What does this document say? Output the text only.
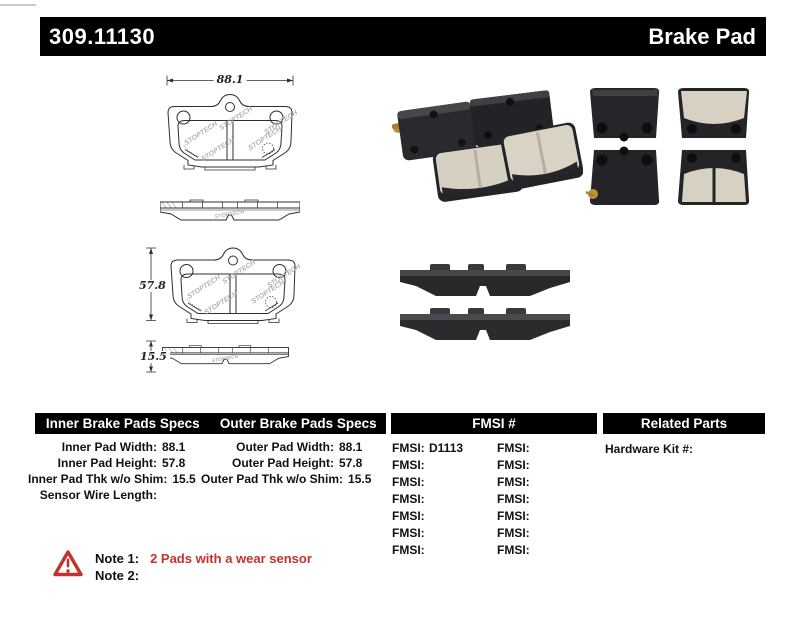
309.11130	Brake Pad
88.1
57.8
15.5
Inner Brake Pads Specs	Outer Brake Pads Specs	FMSI #	Related Parts
Inner Pad Width: 88.1
Inner Pad Height: 57.8
Inner Pad Thk w/o Shim: 15.5
Sensor Wire Length:
Outer Pad Width: 88.1
Outer Pad Height: 57.8
Outer Pad Thk w/o Shim: 15.5
FMSI: D1113
FMSI:
FMSI:
FMSI:
FMSI:
FMSI:
FMSI:
FMSI:
FMSI:
FMSI:
FMSI:
FMSI:
FMSI:
FMSI:
Hardware Kit #:
Note 1: 2 Pads with a wear sensor
Note 2:
